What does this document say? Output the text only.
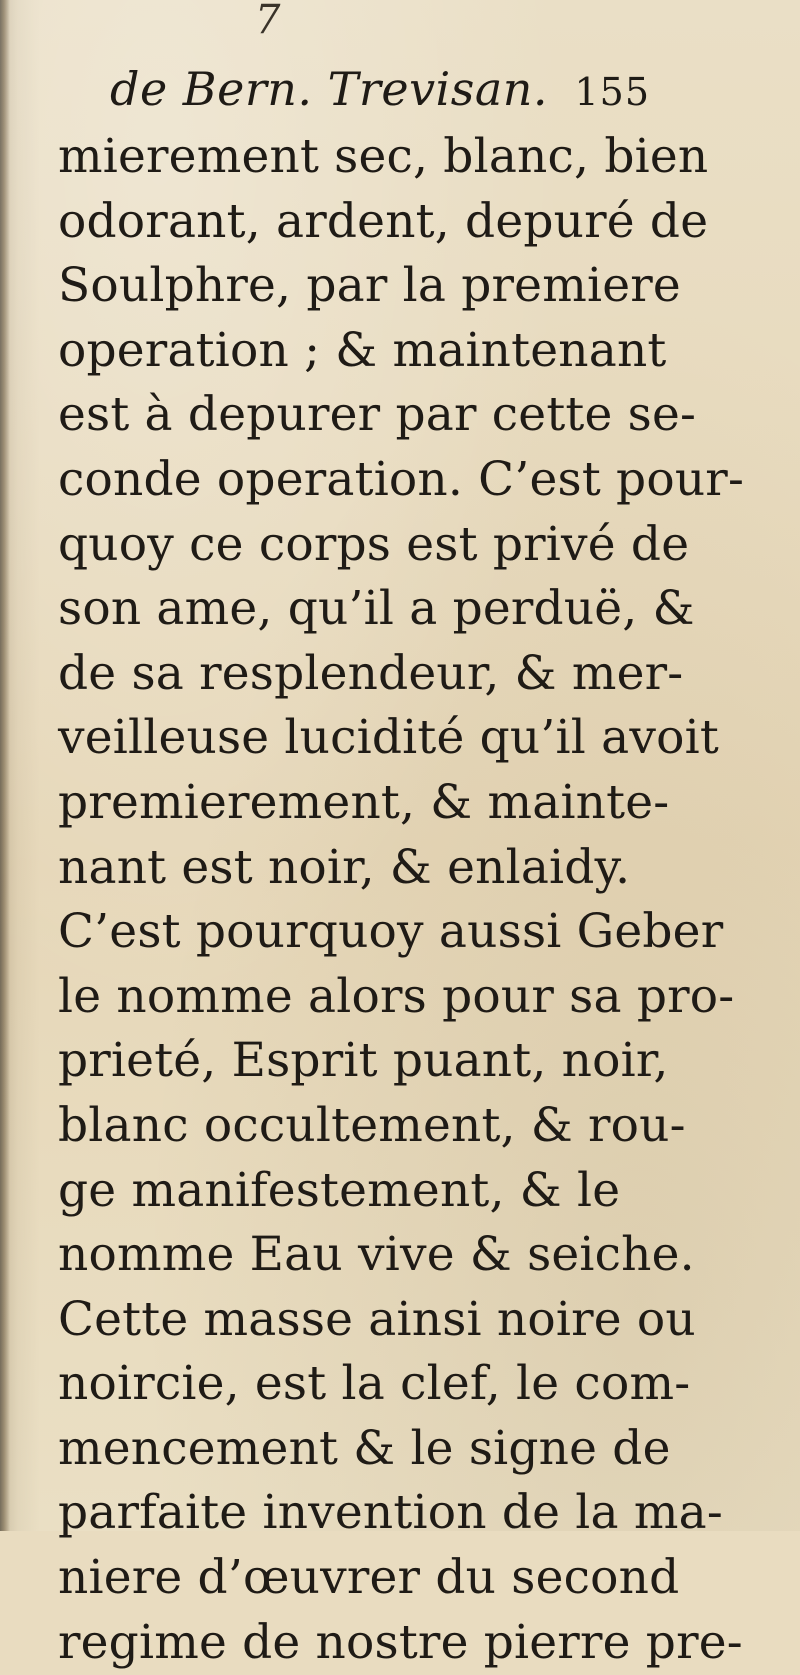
7
de Bern. Trevisan. 155
mierement sec, blanc, bien
odorant, ardent, depuré de
Soulphre, par la premiere
operation ; & maintenant
est à depurer par cette se-
conde operation. C’est pour-
quoy ce corps est privé de
son ame, qu’il a perduë, &
de sa resplendeur, & mer-
veilleuse lucidité qu’il avoit
premierement, & mainte-
nant est noir, & enlaidy.
C’est pourquoy aussi Geber
le nomme alors pour sa pro-
prieté, Esprit puant, noir,
blanc occultement, & rou-
ge manifestement, & le
nomme Eau vive & seiche.
Cette masse ainsi noire ou
noircie, est la clef, le com-
mencement & le signe de
parfaite invention de la ma-
niere d’œuvrer du second
regime de nostre pierre pre-
